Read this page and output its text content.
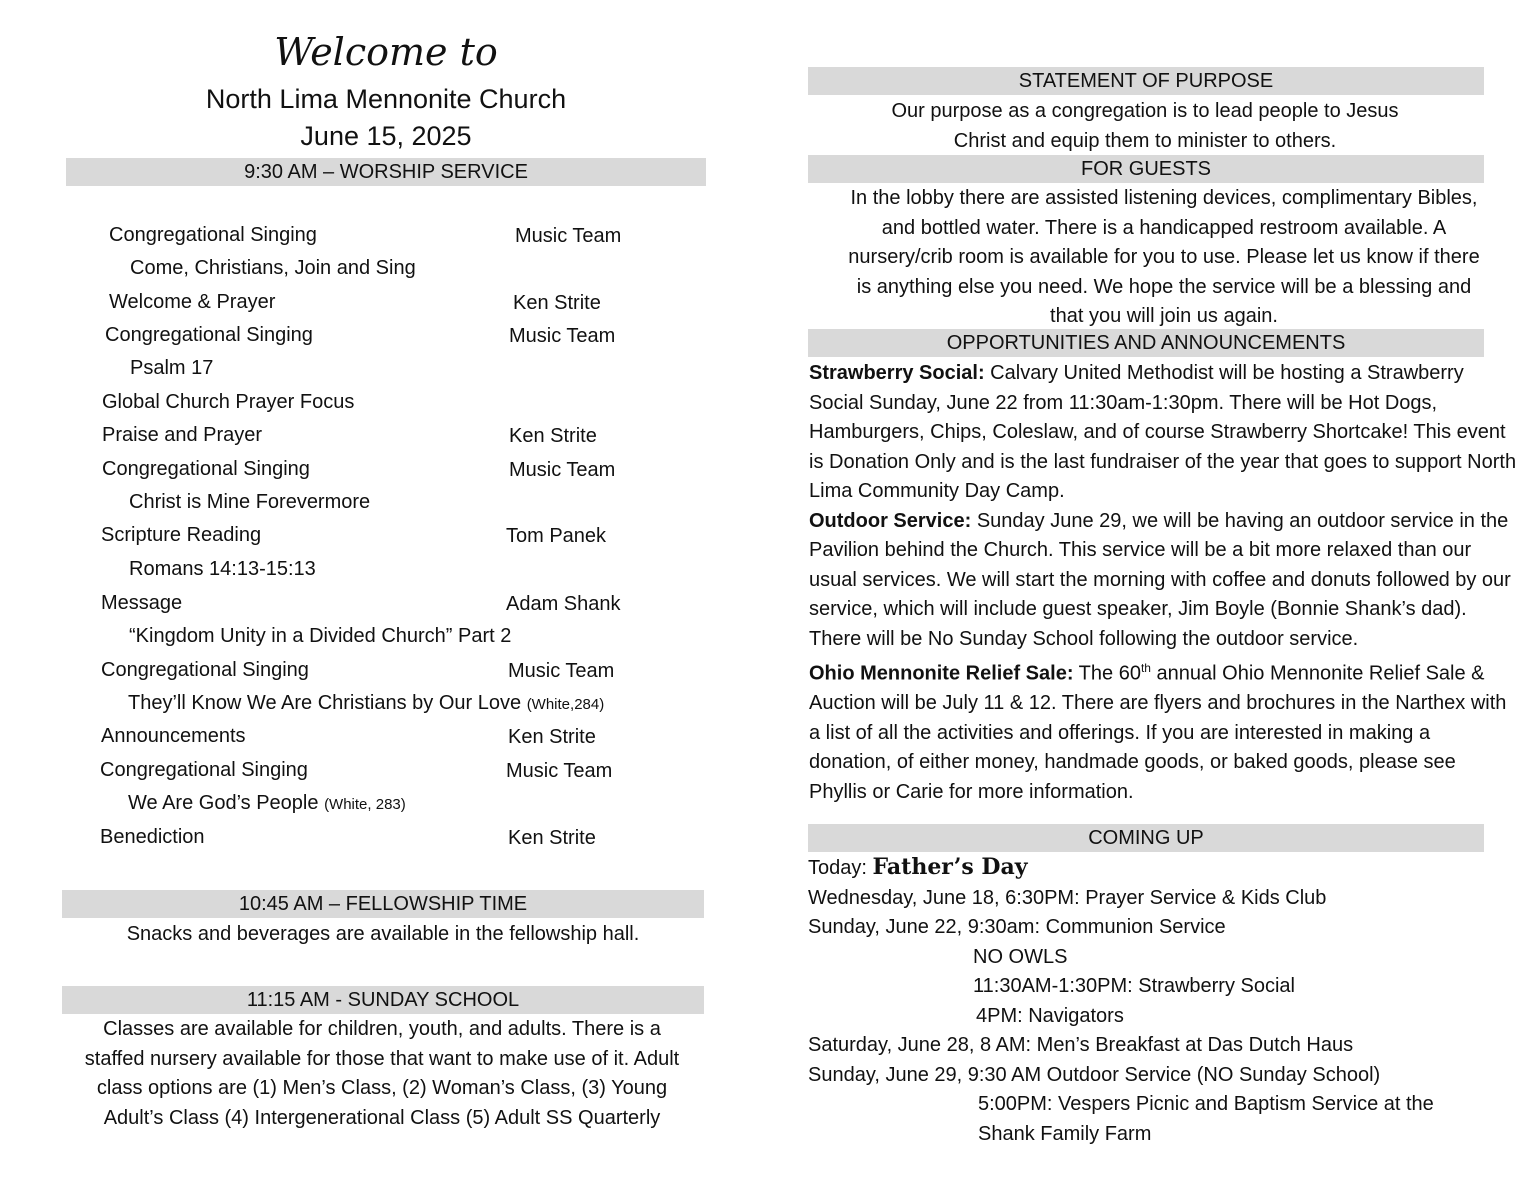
Welcome to
North Lima Mennonite Church
June 15, 2025
9:30 AM – WORSHIP SERVICE
Congregational Singing	Music Team
Come, Christians, Join and Sing
Welcome & Prayer	Ken Strite
Congregational Singing	Music Team
Psalm 17
Global Church Prayer Focus
Praise and Prayer	Ken Strite
Congregational Singing	Music Team
Christ is Mine Forevermore
Scripture Reading	Tom Panek
Romans 14:13-15:13
Message	Adam Shank
“Kingdom Unity in a Divided Church” Part 2
Congregational Singing	Music Team
They’ll Know We Are Christians by Our Love (White,284)
Announcements	Ken Strite
Congregational Singing	Music Team
We Are God’s People (White, 283)
Benediction	Ken Strite
10:45 AM – FELLOWSHIP TIME
Snacks and beverages are available in the fellowship hall.
11:15 AM - SUNDAY SCHOOL
Classes are available for children, youth, and adults. There is a staffed nursery available for those that want to make use of it. Adult class options are (1) Men’s Class, (2) Woman’s Class, (3) Young Adult’s Class (4) Intergenerational Class (5) Adult SS Quarterly
STATEMENT OF PURPOSE
Our purpose as a congregation is to lead people to Jesus Christ and equip them to minister to others.
FOR GUESTS
In the lobby there are assisted listening devices, complimentary Bibles, and bottled water. There is a handicapped restroom available. A nursery/crib room is available for you to use. Please let us know if there is anything else you need. We hope the service will be a blessing and that you will join us again.
OPPORTUNITIES AND ANNOUNCEMENTS
Strawberry Social: Calvary United Methodist will be hosting a Strawberry Social Sunday, June 22 from 11:30am-1:30pm. There will be Hot Dogs, Hamburgers, Chips, Coleslaw, and of course Strawberry Shortcake! This event is Donation Only and is the last fundraiser of the year that goes to support North Lima Community Day Camp.
Outdoor Service: Sunday June 29, we will be having an outdoor service in the Pavilion behind the Church. This service will be a bit more relaxed than our usual services. We will start the morning with coffee and donuts followed by our service, which will include guest speaker, Jim Boyle (Bonnie Shank’s dad). There will be No Sunday School following the outdoor service.
Ohio Mennonite Relief Sale: The 60th annual Ohio Mennonite Relief Sale & Auction will be July 11 & 12. There are flyers and brochures in the Narthex with a list of all the activities and offerings. If you are interested in making a donation, of either money, handmade goods, or baked goods, please see Phyllis or Carie for more information.
COMING UP
Today: Father’s Day
Wednesday, June 18, 6:30PM: Prayer Service & Kids Club
Sunday, June 22, 9:30am: Communion Service
NO OWLS
11:30AM-1:30PM: Strawberry Social
4PM: Navigators
Saturday, June 28, 8 AM: Men’s Breakfast at Das Dutch Haus
Sunday, June 29, 9:30 AM Outdoor Service (NO Sunday School)
5:00PM: Vespers Picnic and Baptism Service at the
Shank Family Farm
